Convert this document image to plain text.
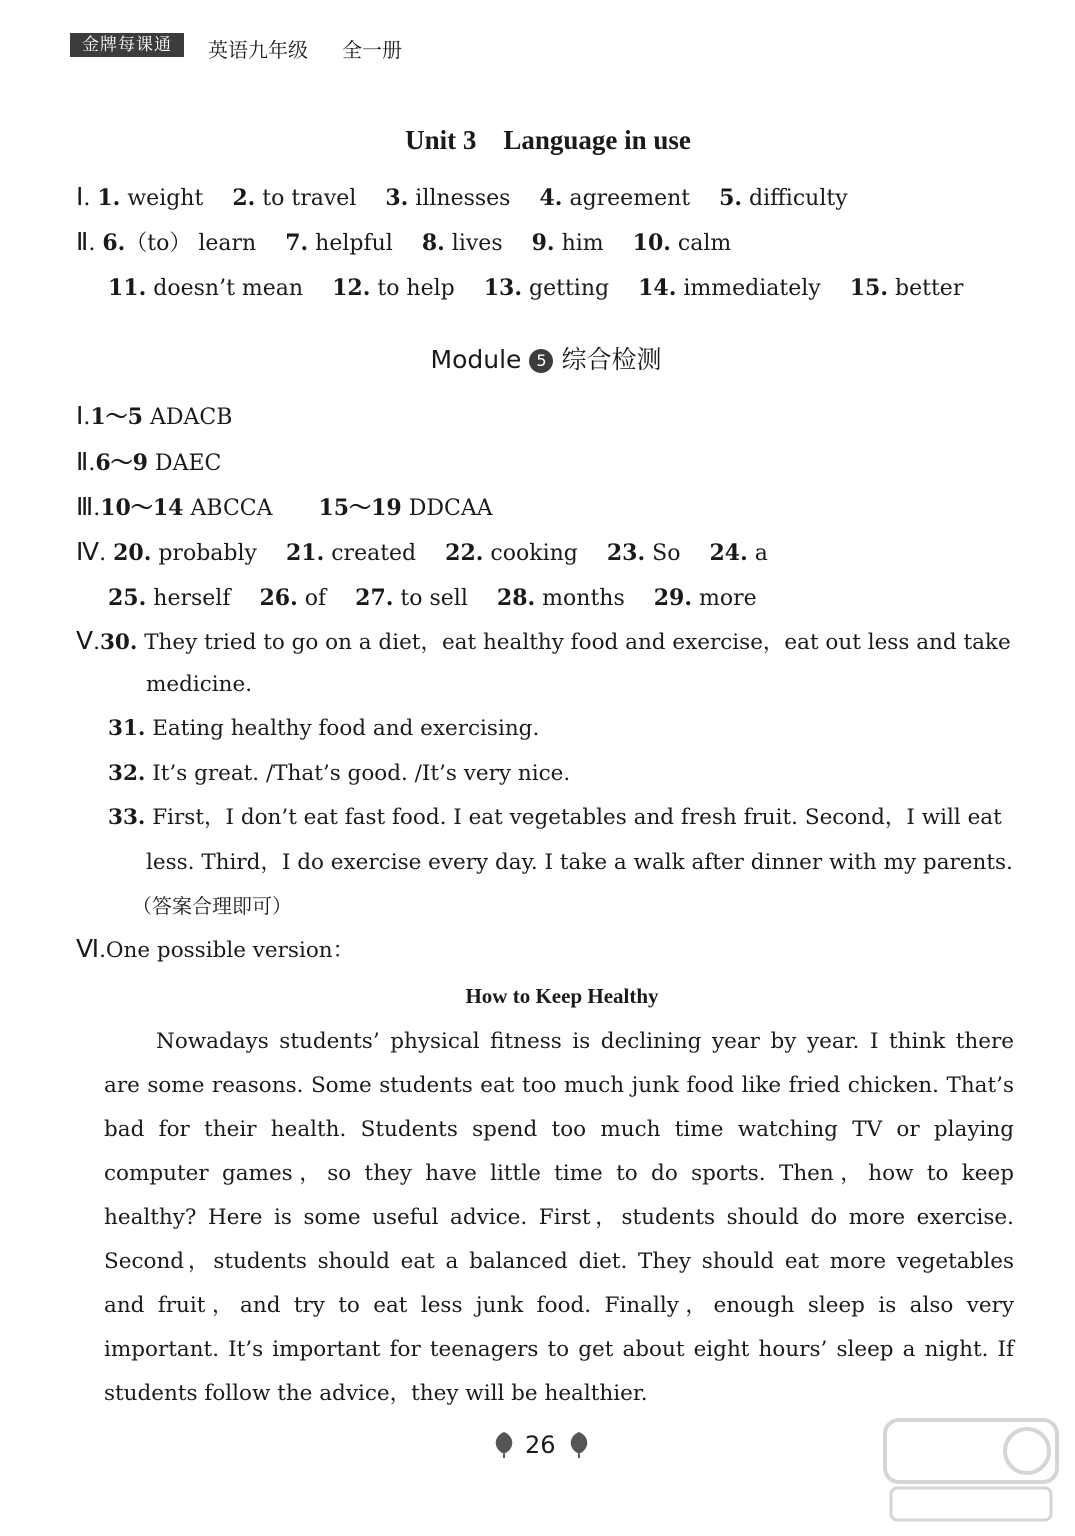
金牌每课通	英语九年级 全一册
Unit 3　Language in use
Ⅰ. 1. weight 2. to travel 3. illnesses 4. agreement 5. difficulty
Ⅱ. 6.（to） learn 7. helpful 8. lives 9. him 10. calm
11. doesn’t mean 12. to help 13. getting 14. immediately 15. better
Module 5 综合检测
Ⅰ.1～5 ADACB
Ⅱ.6～9 DAEC
Ⅲ.10～14 ABCCA 15～19 DDCAA
Ⅳ. 20. probably 21. created 22. cooking 23. So 24. a
25. herself 26. of 27. to sell 28. months 29. more
Ⅴ.30. They tried to go on a diet，eat healthy food and exercise，eat out less and take
medicine.
31. Eating healthy food and exercising.
32. It’s great. /That’s good. /It’s very nice.
33. First，I don’t eat fast food. I eat vegetables and fresh fruit. Second，I will eat
less. Third，I do exercise every day. I take a walk after dinner with my parents.
（答案合理即可）
Ⅵ.One possible version：
How to Keep Healthy
Nowadays students’ physical fitness is declining year by year. I think there are some reasons. Some students eat too much junk food like fried chicken. That’s bad for their health. Students spend too much time watching TV or playing computer games，so they have little time to do sports. Then，how to keep healthy? Here is some useful advice. First，students should do more exercise. Second，students should eat a balanced diet. They should eat more vegetables and fruit，and try to eat less junk food. Finally，enough sleep is also very important. It’s important for teenagers to get about eight hours’ sleep a night. If students follow the advice，they will be healthier.
26
